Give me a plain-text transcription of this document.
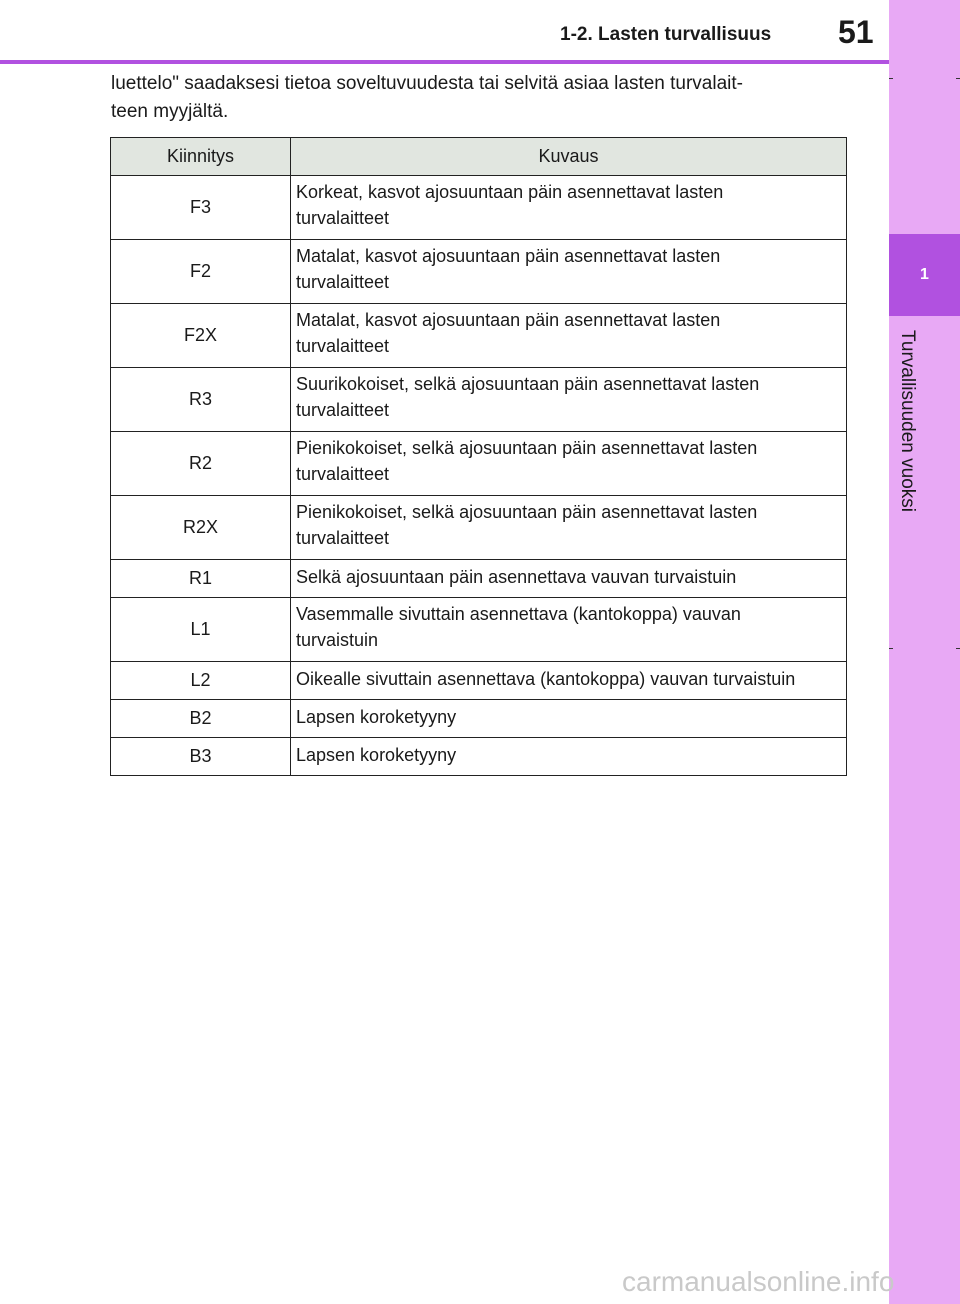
1
Turvallisuuden vuoksi
1-2. Lasten turvallisuus 51

luettelo" saadaksesi tietoa soveltuvuudesta tai selvitä asiaa lasten turvalait-

teen myyjältä.

Kiinnitys	Kuvaus
F3	Korkeat, kasvot ajosuuntaan päin asennettavat lasten
turvalaitteet

F2	Matalat, kasvot ajosuuntaan päin asennettavat lasten
turvalaitteet

F2X	Matalat, kasvot ajosuuntaan päin asennettavat lasten
turvalaitteet

R3	Suurikokoiset, selkä ajosuuntaan päin asennettavat lasten
turvalaitteet

R2	Pienikokoiset, selkä ajosuuntaan päin asennettavat lasten
turvalaitteet

R2X	Pienikokoiset, selkä ajosuuntaan päin asennettavat lasten
turvalaitteet

R1	Selkä ajosuuntaan päin asennettava vauvan turvaistuin

L1	Vasemmalle sivuttain asennettava (kantokoppa) vauvan
turvaistuin

L2	Oikealle sivuttain asennettava (kantokoppa) vauvan turvaistuin

B2	Lapsen koroketyyny

B3	Lapsen koroketyyny
carmanualsonline.info
